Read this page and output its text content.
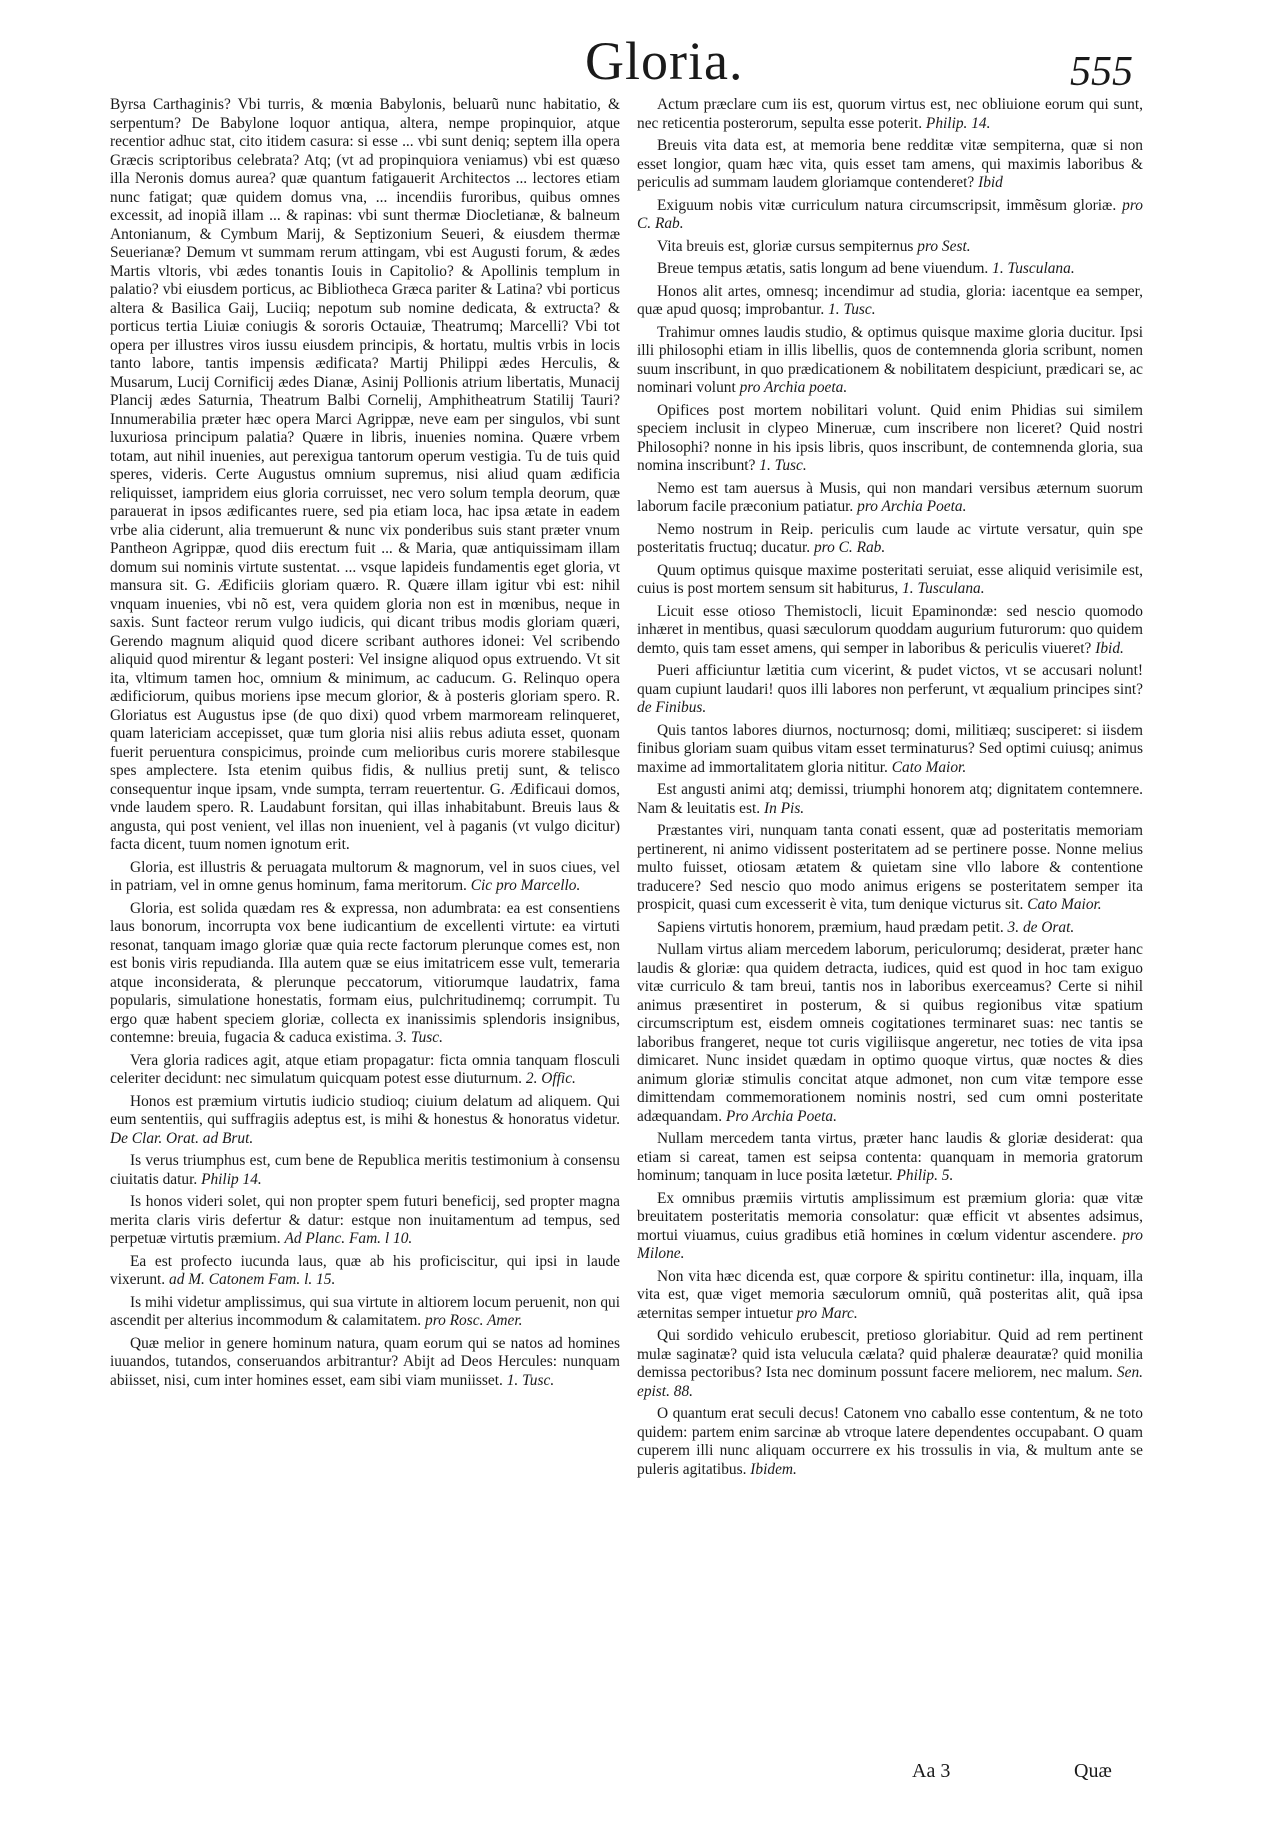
Gloria.	555

Byrsa Carthaginis? Vbi turris, & mœnia Babylonis, beluarũ nunc habitatio, & serpentum? De Babylone loquor antiqua, altera, nempe propinquior, atque recentior adhuc stat, cito itidem casura: si esse ... vbi sunt deniq; septem illa opera Græcis scriptoribus celebrata? Atq; (vt ad propinquiora veniamus) vbi est quæso illa Neronis domus aurea? quæ quantum fatigauerit Architectos ... lectores etiam nunc fatigat; quæ quidem domus vna, ... incendiis furoribus, quibus omnes excessit, ad inopiã illam ... & rapinas: vbi sunt thermæ Diocletianæ, & balneum Antonianum, & Cymbum Marij, & Septizonium Seueri, & eiusdem thermæ Seuerianæ? Demum vt summam rerum attingam, vbi est Augusti forum, & ædes Martis vltoris, vbi ædes tonantis Iouis in Capitolio? & Apollinis templum in palatio? vbi eiusdem porticus, ac Bibliotheca Græca pariter & Latina? vbi porticus altera & Basilica Gaij, Luciiq; nepotum sub nomine dedicata, & extructa? & porticus tertia Liuiæ coniugis & sororis Octauiæ, Theatrumq; Marcelli? Vbi tot opera per illustres viros iussu eiusdem principis, & hortatu, multis vrbis in locis tanto labore, tantis impensis ædificata? Martij Philippi ædes Herculis, & Musarum, Lucij Cornificij ædes Dianæ, Asinij Pollionis atrium libertatis, Munacij Plancij ædes Saturnia, Theatrum Balbi Cornelij, Amphitheatrum Statilij Tauri? Innumerabilia præter hæc opera Marci Agrippæ, neve eam per singulos, vbi sunt luxuriosa principum palatia? Quære in libris, inuenies nomina. Quære vrbem totam, aut nihil inuenies, aut perexigua tantorum operum vestigia. Tu de tuis quid speres, videris. Certe Augustus omnium supremus, nisi aliud quam ædificia reliquisset, iampridem eius gloria corruisset, nec vero solum templa deorum, quæ parauerat in ipsos ædificantes ruere, sed pia etiam loca, hac ipsa ætate in eadem vrbe alia ciderunt, alia tremuerunt & nunc vix ponderibus suis stant præter vnum Pantheon Agrippæ, quod diis erectum fuit ... & Maria, quæ antiquissimam illam domum sui nominis virtute sustentat. ... vsque lapideis fundamentis eget gloria, vt mansura sit. G. Ædificiis gloriam quæro. R. Quære illam igitur vbi est: nihil vnquam inuenies, vbi nõ est, vera quidem gloria non est in mœnibus, neque in saxis. Sunt facteor rerum vulgo iudicis, qui dicant tribus modis gloriam quæri, Gerendo magnum aliquid quod dicere scribant authores idonei: Vel scribendo aliquid quod mirentur & legant posteri: Vel insigne aliquod opus extruendo. Vt sit ita, vltimum tamen hoc, omnium & minimum, ac caducum. G. Relinquo opera ædificiorum, quibus moriens ipse mecum glorior, & à posteris gloriam spero. R. Gloriatus est Augustus ipse (de quo dixi) quod vrbem marmoream relinqueret, quam latericiam accepisset, quæ tum gloria nisi aliis rebus adiuta esset, quonam fuerit peruentura conspicimus, proinde cum melioribus curis morere stabilesque spes amplectere. Ista etenim quibus fidis, & nullius pretij sunt, & telisco consequentur inque ipsam, vnde sumpta, terram reuertentur. G. Ædificaui domos, vnde laudem spero. R. Laudabunt forsitan, qui illas inhabitabunt. Breuis laus & angusta, qui post venient, vel illas non inuenient, vel à paganis (vt vulgo dicitur) facta dicent, tuum nomen ignotum erit.

Gloria, est illustris & peruagata multorum & magnorum, vel in suos ciues, vel in patriam, vel in omne genus hominum, fama meritorum. Cic pro Marcello.

Gloria, est solida quædam res & expressa, non adumbrata: ea est consentiens laus bonorum, incorrupta vox bene iudicantium de excellenti virtute: ea virtuti resonat, tanquam imago gloriæ quæ quia recte factorum plerunque comes est, non est bonis viris repudianda. Illa autem quæ se eius imitatricem esse vult, temeraria atque inconsiderata, & plerunque peccatorum, vitiorumque laudatrix, fama popularis, simulatione honestatis, formam eius, pulchritudinemq; corrumpit. Tu ergo quæ habent speciem gloriæ, collecta ex inanissimis splendoris insignibus, contemne: breuia, fugacia & caduca existima. 3. Tusc.

Vera gloria radices agit, atque etiam propagatur: ficta omnia tanquam flosculi celeriter decidunt: nec simulatum quicquam potest esse diuturnum. 2. Offic.

Honos est præmium virtutis iudicio studioq; ciuium delatum ad aliquem. Qui eum sententiis, qui suffragiis adeptus est, is mihi & honestus & honoratus videtur. De Clar. Orat. ad Brut.

Is verus triumphus est, cum bene de Republica meritis testimonium à consensu ciuitatis datur. Philip 14.

Is honos videri solet, qui non propter spem futuri beneficij, sed propter magna merita claris viris defertur & datur: estque non inuitamentum ad tempus, sed perpetuæ virtutis præmium. Ad Planc. Fam. l 10.

Ea est profecto iucunda laus, quæ ab his proficiscitur, qui ipsi in laude vixerunt. ad M. Catonem Fam. l. 15.

Is mihi videtur amplissimus, qui sua virtute in altiorem locum peruenit, non qui ascendit per alterius incommodum & calamitatem. pro Rosc. Amer.

Quæ melior in genere hominum natura, quam eorum qui se natos ad homines iuuandos, tutandos, conseruandos arbitrantur? Abijt ad Deos Hercules: nunquam abiisset, nisi, cum inter homines esset, eam sibi viam muniisset. 1. Tusc.

Actum præclare cum iis est, quorum virtus est, nec obliuione eorum qui sunt, nec reticentia posterorum, sepulta esse poterit. Philip. 14.

Breuis vita data est, at memoria bene redditæ vitæ sempiterna, quæ si non esset longior, quam hæc vita, quis esset tam amens, qui maximis laboribus & periculis ad summam laudem gloriamque contenderet? Ibid

Exiguum nobis vitæ curriculum natura circumscripsit, immẽsum gloriæ. pro C. Rab.

Vita breuis est, gloriæ cursus sempiternus pro Sest.

Breue tempus ætatis, satis longum ad bene viuendum. 1. Tusculana.

Honos alit artes, omnesq; incendimur ad studia, gloria: iacentque ea semper, quæ apud quosq; improbantur. 1. Tusc.

Trahimur omnes laudis studio, & optimus quisque maxime gloria ducitur. Ipsi illi philosophi etiam in illis libellis, quos de contemnenda gloria scribunt, nomen suum inscribunt, in quo prædicationem & nobilitatem despiciunt, prædicari se, ac nominari volunt pro Archia poeta.

Opifices post mortem nobilitari volunt. Quid enim Phidias sui similem speciem inclusit in clypeo Mineruæ, cum inscribere non liceret? Quid nostri Philosophi? nonne in his ipsis libris, quos inscribunt, de contemnenda gloria, sua nomina inscribunt? 1. Tusc.

Nemo est tam auersus à Musis, qui non mandari versibus æternum suorum laborum facile præconium patiatur. pro Archia Poeta.

Nemo nostrum in Reip. periculis cum laude ac virtute versatur, quin spe posteritatis fructuq; ducatur. pro C. Rab.

Quum optimus quisque maxime posteritati seruiat, esse aliquid verisimile est, cuius is post mortem sensum sit habiturus, 1. Tusculana.

Licuit esse otioso Themistocli, licuit Epaminondæ: sed nescio quomodo inhæret in mentibus, quasi sæculorum quoddam augurium futurorum: quo quidem demto, quis tam esset amens, qui semper in laboribus & periculis viueret? Ibid.

Pueri afficiuntur lætitia cum vicerint, & pudet victos, vt se accusari nolunt! quam cupiunt laudari! quos illi labores non perferunt, vt æqualium principes sint? de Finibus.

Quis tantos labores diurnos, nocturnosq; domi, militiæq; susciperet: si iisdem finibus gloriam suam quibus vitam esset terminaturus? Sed optimi cuiusq; animus maxime ad immortalitatem gloria nititur. Cato Maior.

Est angusti animi atq; demissi, triumphi honorem atq; dignitatem contemnere. Nam & leuitatis est. In Pis.

Præstantes viri, nunquam tanta conati essent, quæ ad posteritatis memoriam pertinerent, ni animo vidissent posteritatem ad se pertinere posse. Nonne melius multo fuisset, otiosam ætatem & quietam sine vllo labore & contentione traducere? Sed nescio quo modo animus erigens se posteritatem semper ita prospicit, quasi cum excesserit è vita, tum denique victurus sit. Cato Maior.

Sapiens virtutis honorem, præmium, haud prædam petit. 3. de Orat.

Nullam virtus aliam mercedem laborum, periculorumq; desiderat, præter hanc laudis & gloriæ: qua quidem detracta, iudices, quid est quod in hoc tam exiguo vitæ curriculo & tam breui, tantis nos in laboribus exerceamus? Certe si nihil animus præsentiret in posterum, & si quibus regionibus vitæ spatium circumscriptum est, eisdem omneis cogitationes terminaret suas: nec tantis se laboribus frangeret, neque tot curis vigiliisque angeretur, nec toties de vita ipsa dimicaret. Nunc insidet quædam in optimo quoque virtus, quæ noctes & dies animum gloriæ stimulis concitat atque admonet, non cum vitæ tempore esse dimittendam commemorationem nominis nostri, sed cum omni posteritate adæquandam. Pro Archia Poeta.

Nullam mercedem tanta virtus, præter hanc laudis & gloriæ desiderat: qua etiam si careat, tamen est seipsa contenta: quanquam in memoria gratorum hominum; tanquam in luce posita lætetur. Philip. 5.

Ex omnibus præmiis virtutis amplissimum est præmium gloria: quæ vitæ breuitatem posteritatis memoria consolatur: quæ efficit vt absentes adsimus, mortui viuamus, cuius gradibus etiã homines in cœlum videntur ascendere. pro Milone.

Non vita hæc dicenda est, quæ corpore & spiritu continetur: illa, inquam, illa vita est, quæ viget memoria sæculorum omniũ, quã posteritas alit, quã ipsa æternitas semper intuetur pro Marc.

Qui sordido vehiculo erubescit, pretioso gloriabitur. Quid ad rem pertinent mulæ saginatæ? quid ista velucula cælata? quid phaleræ deauratæ? quid monilia demissa pectoribus? Ista nec dominum possunt facere meliorem, nec malum. Sen. epist. 88.

O quantum erat seculi decus! Catonem vno caballo esse contentum, & ne toto quidem: partem enim sarcinæ ab vtroque latere dependentes occupabant. O quam cuperem illi nunc aliquam occurrere ex his trossulis in via, & multum ante se puleris agitatibus. Ibidem.

Aa 3	Quæ
